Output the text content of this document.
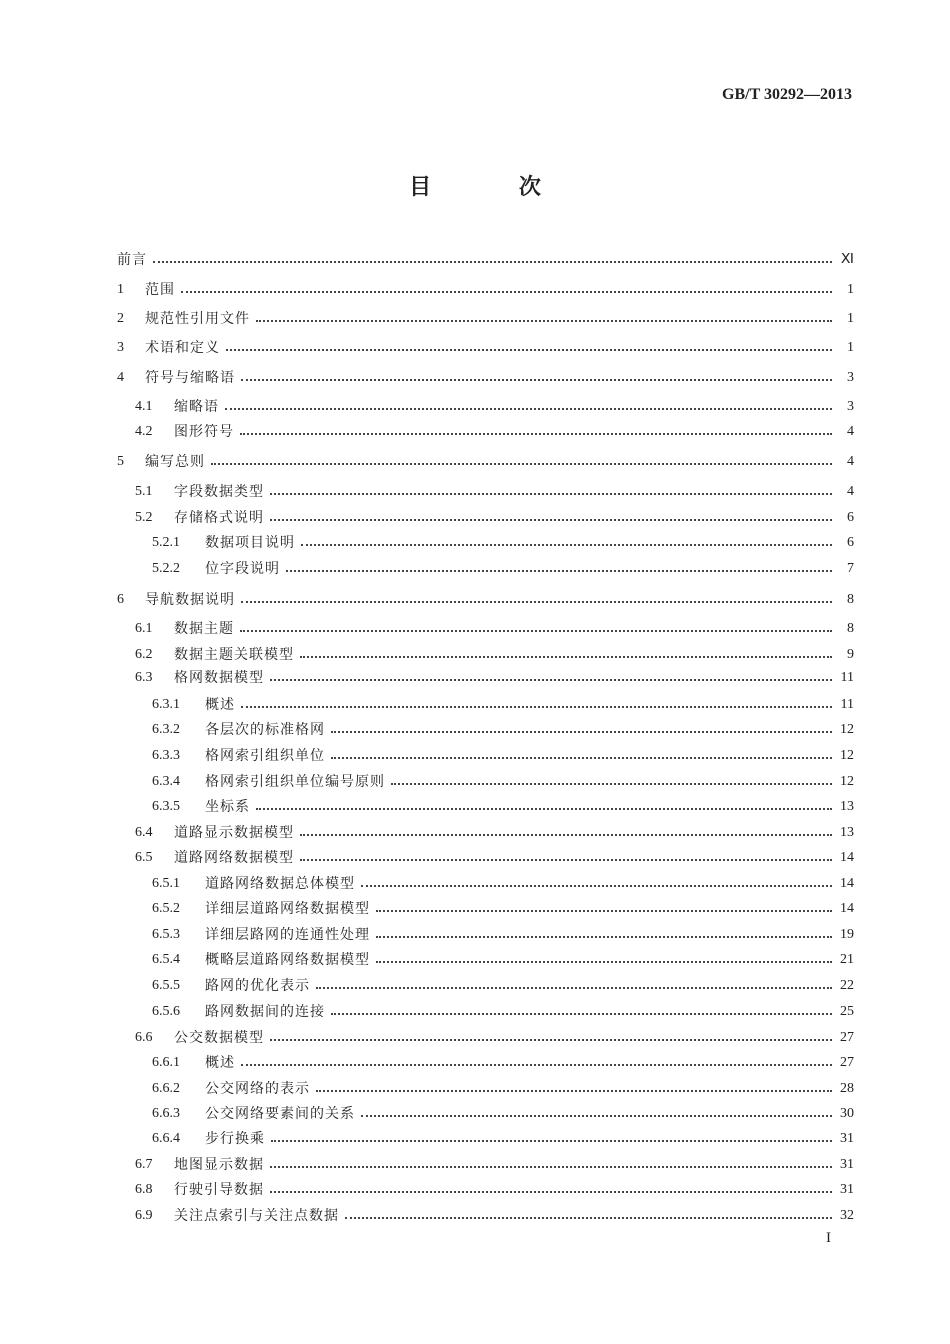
GB/T 30292—2013
目 次
前言	Ⅺ
1 范围	1
2 规范性引用文件	1
3 术语和定义	1
4 符号与缩略语	3
4.1 缩略语	3
4.2 图形符号	4
5 编写总则	4
5.1 字段数据类型	4
5.2 存储格式说明	6
5.2.1 数据项目说明	6
5.2.2 位字段说明	7
6 导航数据说明	8
6.1 数据主题	8
6.2 数据主题关联模型	9
6.3 格网数据模型	11
6.3.1 概述	11
6.3.2 各层次的标准格网	12
6.3.3 格网索引组织单位	12
6.3.4 格网索引组织单位编号原则	12
6.3.5 坐标系	13
6.4 道路显示数据模型	13
6.5 道路网络数据模型	14
6.5.1 道路网络数据总体模型	14
6.5.2 详细层道路网络数据模型	14
6.5.3 详细层路网的连通性处理	19
6.5.4 概略层道路网络数据模型	21
6.5.5 路网的优化表示	22
6.5.6 路网数据间的连接	25
6.6 公交数据模型	27
6.6.1 概述	27
6.6.2 公交网络的表示	28
6.6.3 公交网络要素间的关系	30
6.6.4 步行换乘	31
6.7 地图显示数据	31
6.8 行驶引导数据	31
6.9 关注点索引与关注点数据	32
I
